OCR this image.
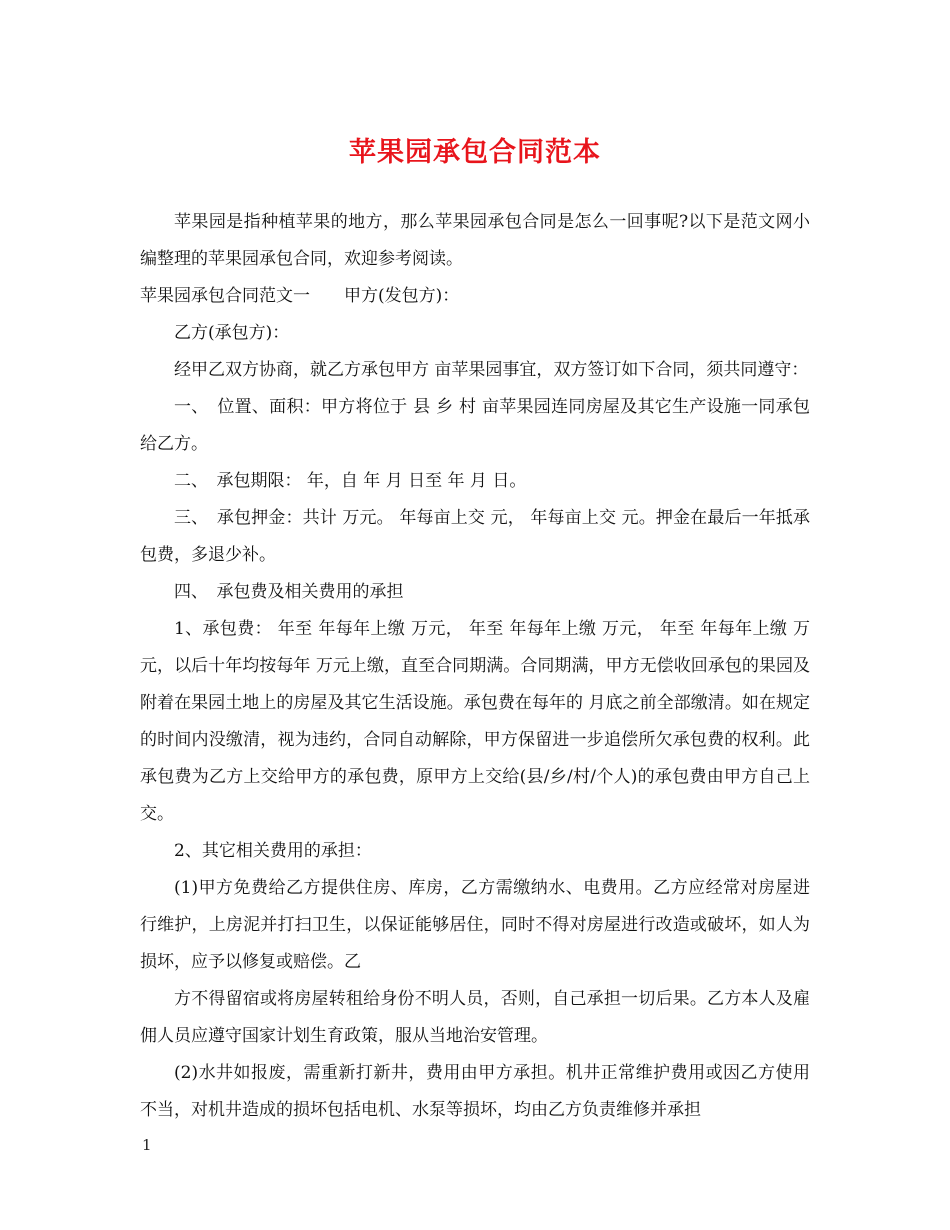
苹果园承包合同范本

苹果园是指种植苹果的地方，那么苹果园承包合同是怎么一回事呢?以下是范文网小编整理的苹果园承包合同，欢迎参考阅读。

苹果园承包合同范文一　　甲方(发包方)：

乙方(承包方)：

经甲乙双方协商，就乙方承包甲方 亩苹果园事宜，双方签订如下合同，须共同遵守：

一、　位置、面积：甲方将位于 县 乡 村 亩苹果园连同房屋及其它生产设施一同承包给乙方。

二、　承包期限： 年，自 年 月 日至 年 月 日。

三、　承包押金：共计 万元。 年每亩上交 元， 年每亩上交 元。押金在最后一年抵承包费，多退少补。

四、　承包费及相关费用的承担

1、承包费： 年至 年每年上缴 万元， 年至 年每年上缴 万元， 年至 年每年上缴 万元，以后十年均按每年 万元上缴，直至合同期满。合同期满，甲方无偿收回承包的果园及附着在果园土地上的房屋及其它生活设施。承包费在每年的 月底之前全部缴清。如在规定的时间内没缴清，视为违约，合同自动解除，甲方保留进一步追偿所欠承包费的权利。此承包费为乙方上交给甲方的承包费，原甲方上交给(县/乡/村/个人)的承包费由甲方自己上交。

2、其它相关费用的承担：

(1)甲方免费给乙方提供住房、库房，乙方需缴纳水、电费用。乙方应经常对房屋进行维护，上房泥并打扫卫生，以保证能够居住，同时不得对房屋进行改造或破坏，如人为损坏，应予以修复或赔偿。乙

方不得留宿或将房屋转租给身份不明人员，否则，自己承担一切后果。乙方本人及雇佣人员应遵守国家计划生育政策，服从当地治安管理。

(2)水井如报废，需重新打新井，费用由甲方承担。机井正常维护费用或因乙方使用不当，对机井造成的损坏包括电机、水泵等损坏，均由乙方负责维修并承担

1
